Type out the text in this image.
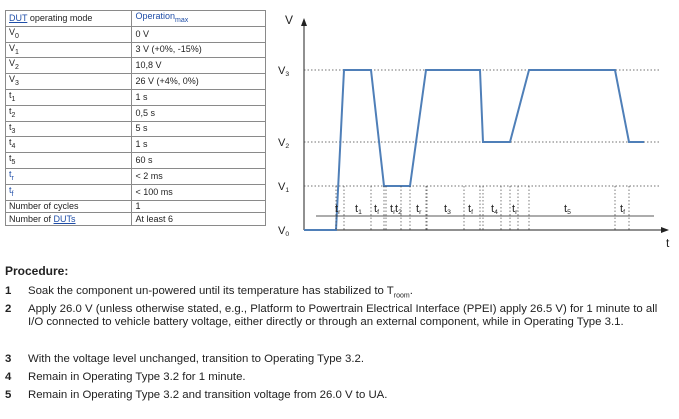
DUT operating mode	Operation$_{max}$
$V_0$	0 V
$V_1$	3 V (+0%, -15%)
$V_2$	10,8 V
$V_3$	26 V (+4%, 0%)
$t_1$	1 s
$t_2$	0,5 s
$t_3$	5 s
$t_4$	1 s
$t_5$	60 s
$t_r$	< 2 ms
$t_f$	< 100 ms
Number of cycles	1
Number of DUTs	At least 6
V
t
V3
V2
V1
V0
tr t1 tf tr t2 tr t3 tf t4 tr	t5	tf
Procedure:
1 Soak the component un-powered until its temperature has stabilized to $T_{room}$.
2 Apply 26.0 V (unless otherwise stated, e.g., Platform to Powertrain Electrical Interface (PPEI) apply 26.5 V) for 1 minute to all I/O connected to vehicle battery voltage, either directly or through an external component, while in Operating Type 3.1.
3 With the voltage level unchanged, transition to Operating Type 3.2.
4 Remain in Operating Type 3.2 for 1 minute.
5 Remain in Operating Type 3.2 and transition voltage from 26.0 V to UA.
